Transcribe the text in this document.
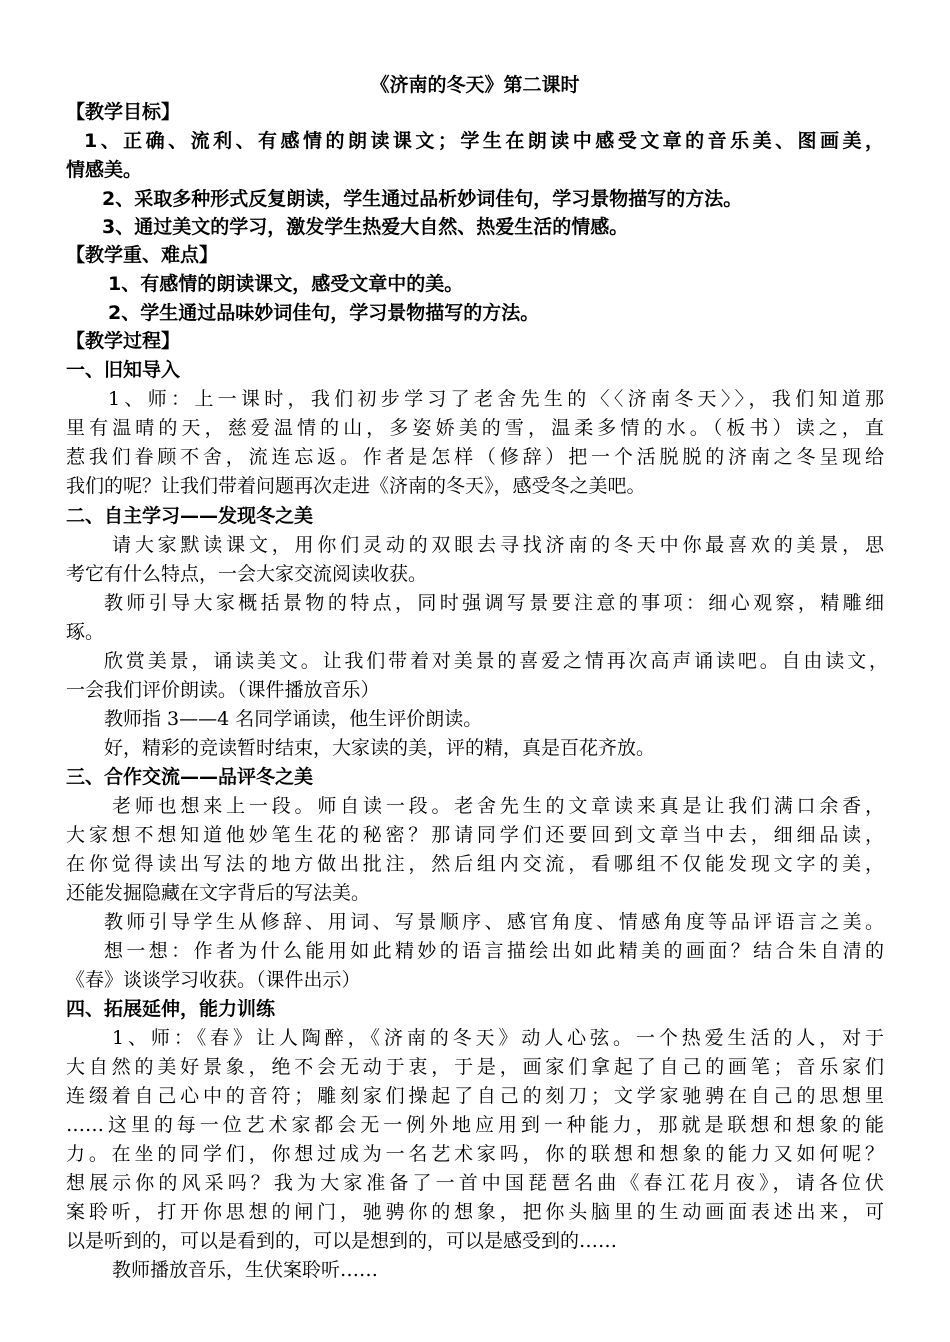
《济南的冬天》第二课时
【教学目标】
1、正确、流利、有感情的朗读课文；学生在朗读中感受文章的音乐美、图画美，
情感美。
2、采取多种形式反复朗读，学生通过品析妙词佳句，学习景物描写的方法。
3、通过美文的学习，激发学生热爱大自然、热爱生活的情感。
【教学重、难点】
1、有感情的朗读课文，感受文章中的美。
2、学生通过品味妙词佳句，学习景物描写的方法。
【教学过程】
一、旧知导入
1、师：上一课时，我们初步学习了老舍先生的〈〈济南冬天〉〉，我们知道那
里有温晴的天，慈爱温情的山，多姿娇美的雪，温柔多情的水。（板书）读之，直
惹我们眷顾不舍，流连忘返。作者是怎样（修辞）把一个活脱脱的济南之冬呈现给
我们的呢？让我们带着问题再次走进《济南的冬天》，感受冬之美吧。
二、自主学习——发现冬之美
请大家默读课文，用你们灵动的双眼去寻找济南的冬天中你最喜欢的美景，思
考它有什么特点，一会大家交流阅读收获。
教师引导大家概括景物的特点，同时强调写景要注意的事项：细心观察，精雕细
琢。
欣赏美景，诵读美文。让我们带着对美景的喜爱之情再次高声诵读吧。自由读文，
一会我们评价朗读。（课件播放音乐）
教师指 3——4 名同学诵读，他生评价朗读。
好，精彩的竞读暂时结束，大家读的美，评的精，真是百花齐放。
三、合作交流——品评冬之美
老师也想来上一段。师自读一段。老舍先生的文章读来真是让我们满口余香，
大家想不想知道他妙笔生花的秘密？那请同学们还要回到文章当中去，细细品读，
在你觉得读出写法的地方做出批注，然后组内交流，看哪组不仅能发现文字的美，
还能发掘隐藏在文字背后的写法美。
教师引导学生从修辞、用词、写景顺序、感官角度、情感角度等品评语言之美。
想一想：作者为什么能用如此精妙的语言描绘出如此精美的画面？结合朱自清的
《春》谈谈学习收获。（课件出示）
四、拓展延伸，能力训练
1、师：《春》让人陶醉，《济南的冬天》动人心弦。一个热爱生活的人，对于
大自然的美好景象，绝不会无动于衷，于是，画家们拿起了自己的画笔；音乐家们
连缀着自己心中的音符；雕刻家们操起了自己的刻刀；文学家驰骋在自己的思想里
……这里的每一位艺术家都会无一例外地应用到一种能力，那就是联想和想象的能
力。在坐的同学们，你想过成为一名艺术家吗，你的联想和想象的能力又如何呢？
想展示你的风采吗？我为大家准备了一首中国琵琶名曲《春江花月夜》，请各位伏
案聆听，打开你思想的闸门，驰骋你的想象，把你头脑里的生动画面表述出来，可
以是听到的，可以是看到的，可以是想到的，可以是感受到的……
教师播放音乐，生伏案聆听……
